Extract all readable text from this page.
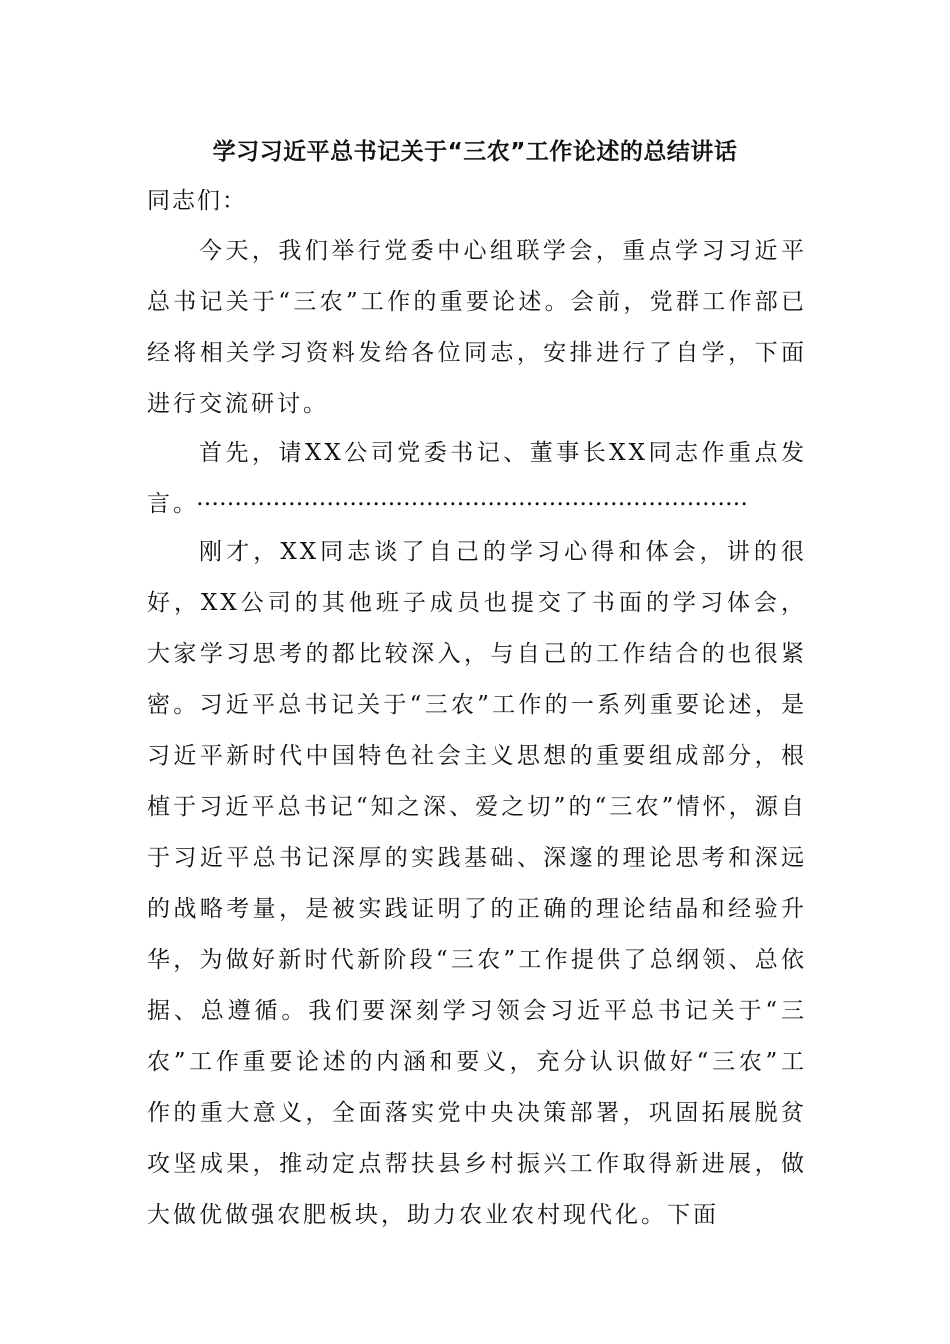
学习习近平总书记关于“三农”工作论述的总结讲话

同志们：

今天，我们举行党委中心组联学会，重点学习习近平总书记关于“三农”工作的重要论述。会前，党群工作部已经将相关学习资料发给各位同志，安排进行了自学，下面进行交流研讨。

首先，请XX公司党委书记、董事长XX同志作重点发言。

………………………………………………………………

刚才，XX同志谈了自己的学习心得和体会，讲的很好，XX公司的其他班子成员也提交了书面的学习体会，大家学习思考的都比较深入，与自己的工作结合的也很紧密。习近平总书记关于“三农”工作的一系列重要论述，是习近平新时代中国特色社会主义思想的重要组成部分，根植于习近平总书记“知之深、爱之切”的“三农”情怀，源自于习近平总书记深厚的实践基础、深邃的理论思考和深远的战略考量，是被实践证明了的正确的理论结晶和经验升华，为做好新时代新阶段“三农”工作提供了总纲领、总依据、总遵循。我们要深刻学习领会习近平总书记关于“三农”工作重要论述的内涵和要义，充分认识做好“三农”工作的重大意义，全面落实党中央决策部署，巩固拓展脱贫攻坚成果，推动定点帮扶县乡村振兴工作取得新进展，做大做优做强农肥板块，助力农业农村现代化。下面
